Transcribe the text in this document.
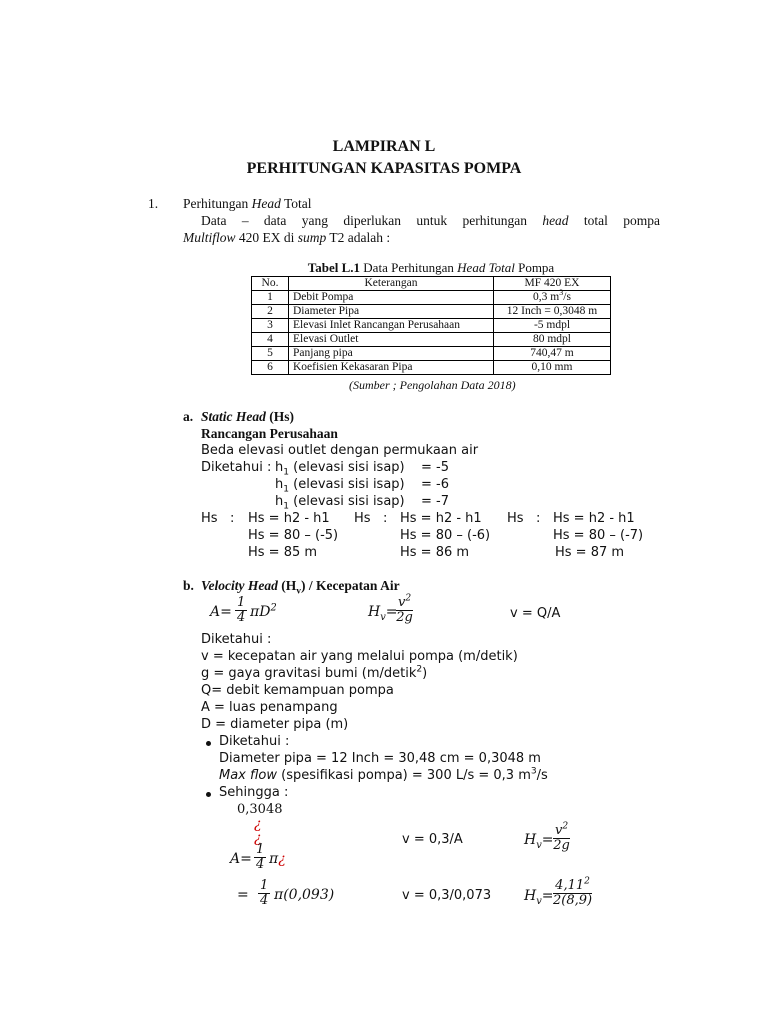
LAMPIRAN L
PERHITUNGAN KAPASITAS POMPA
1. Perhitungan Head Total
Data – data yang diperlukan untuk perhitungan head total pompa
Multiflow 420 EX di sump T2 adalah :
Tabel L.1 Data Perhitungan Head Total Pompa
No.	Keterangan	MF 420 EX
1	Debit Pompa	0,3 $m^3/s$
2	Diameter Pipa	12 Inch = 0,3048 m
3	Elevasi Inlet Rancangan Perusahaan	-5 mdpl
4	Elevasi Outlet	80 mdpl
5	Panjang pipa	740,47 m
6	Koefisien Kekasaran Pipa	0,10 mm
(Sumber ; Pengolahan Data 2018)
a. Static Head (Hs)
Rancangan Perusahaan
Beda elevasi outlet dengan permukaan air
Diketahui : $h_1$ (elevasi sisi isap) = -5
$h_1$ (elevasi sisi isap) = -6
$h_1$ (elevasi sisi isap) = -7
Hs : Hs = h2 - h1
Hs = 80 – (-5)
Hs = 85 m
Hs : Hs = h2 - h1
Hs = 80 – (-6)
Hs = 86 m
Hs : Hs = h2 - h1
Hs = 80 – (-7)
Hs = 87 m
b. Velocity Head $(H_v)$ / Kecepatan Air
$A= \frac{1}{4} \pi D^2$	$H_v=$
$\frac{v^2}{2g}$	v = Q/A
Diketahui :
v = kecepatan air yang melalui pompa (m/detik)
g = gaya gravitasi bumi (m/detik$^2$)
Q= debit kemampuan pompa
A = luas penampang
D = diameter pipa (m)
Diketahui :
Diameter pipa = 12 Inch = 30,48 cm = 0,3048 m
Max flow (spesifikasi pompa) = 300 L/s = 0,3 $m^3/s$
Sehingga :
0,3048
¿
¿
$A= \frac{1}{4}$ π¿
v = 0,3/A	$H_v= \frac{v^2}{2g}$
= $\frac{1}{4} \pi(0,093)$	v = 0,3/0,073 $H_v= \frac{4,11^2}{2(8,9)}$
